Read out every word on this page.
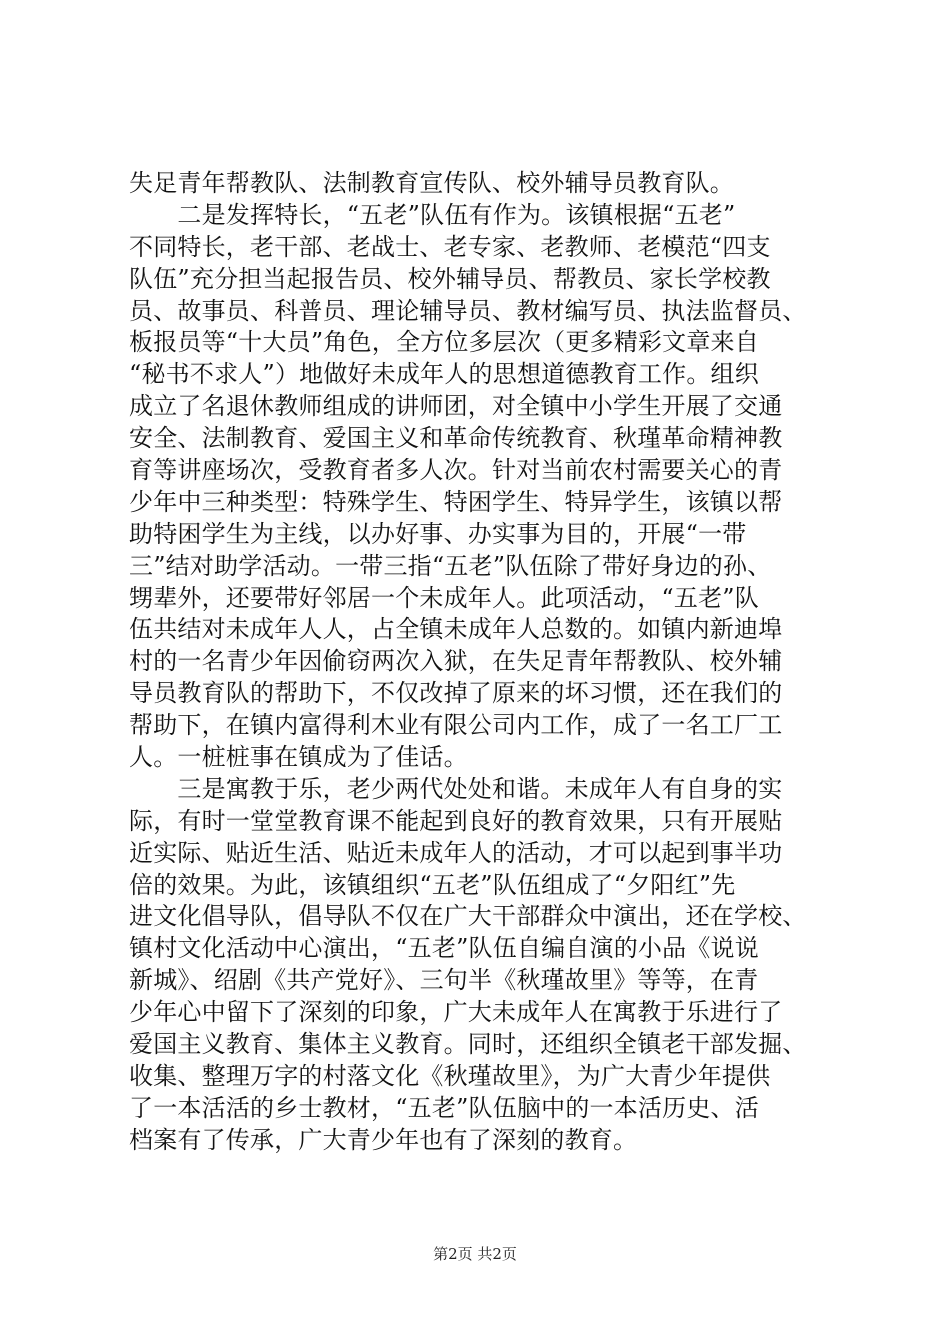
失足青年帮教队、法制教育宣传队、校外辅导员教育队。
　　二是发挥特长，“五老”队伍有作为。该镇根据“五老”
不同特长，老干部、老战士、老专家、老教师、老模范“四支
队伍”充分担当起报告员、校外辅导员、帮教员、家长学校教
员、故事员、科普员、理论辅导员、教材编写员、执法监督员、
板报员等“十大员”角色，全方位多层次（更多精彩文章来自
“秘书不求人”）地做好未成年人的思想道德教育工作。组织
成立了名退休教师组成的讲师团，对全镇中小学生开展了交通
安全、法制教育、爱国主义和革命传统教育、秋瑾革命精神教
育等讲座场次，受教育者多人次。针对当前农村需要关心的青
少年中三种类型：特殊学生、特困学生、特异学生，该镇以帮
助特困学生为主线，以办好事、办实事为目的，开展“一带
三”结对助学活动。一带三指“五老”队伍除了带好身边的孙、
甥辈外，还要带好邻居一个未成年人。此项活动，“五老”队
伍共结对未成年人人，占全镇未成年人总数的。如镇内新迪埠
村的一名青少年因偷窃两次入狱，在失足青年帮教队、校外辅
导员教育队的帮助下，不仅改掉了原来的坏习惯，还在我们的
帮助下，在镇内富得利木业有限公司内工作，成了一名工厂工
人。一桩桩事在镇成为了佳话。
　　三是寓教于乐，老少两代处处和谐。未成年人有自身的实
际，有时一堂堂教育课不能起到良好的教育效果，只有开展贴
近实际、贴近生活、贴近未成年人的活动，才可以起到事半功
倍的效果。为此，该镇组织“五老”队伍组成了“夕阳红”先
进文化倡导队，倡导队不仅在广大干部群众中演出，还在学校、
镇村文化活动中心演出，“五老”队伍自编自演的小品《说说
新城》、绍剧《共产党好》、三句半《秋瑾故里》等等，在青
少年心中留下了深刻的印象，广大未成年人在寓教于乐进行了
爱国主义教育、集体主义教育。同时，还组织全镇老干部发掘、
收集、整理万字的村落文化《秋瑾故里》，为广大青少年提供
了一本活活的乡士教材，“五老”队伍脑中的一本活历史、活
档案有了传承，广大青少年也有了深刻的教育。
第2页 共2页
